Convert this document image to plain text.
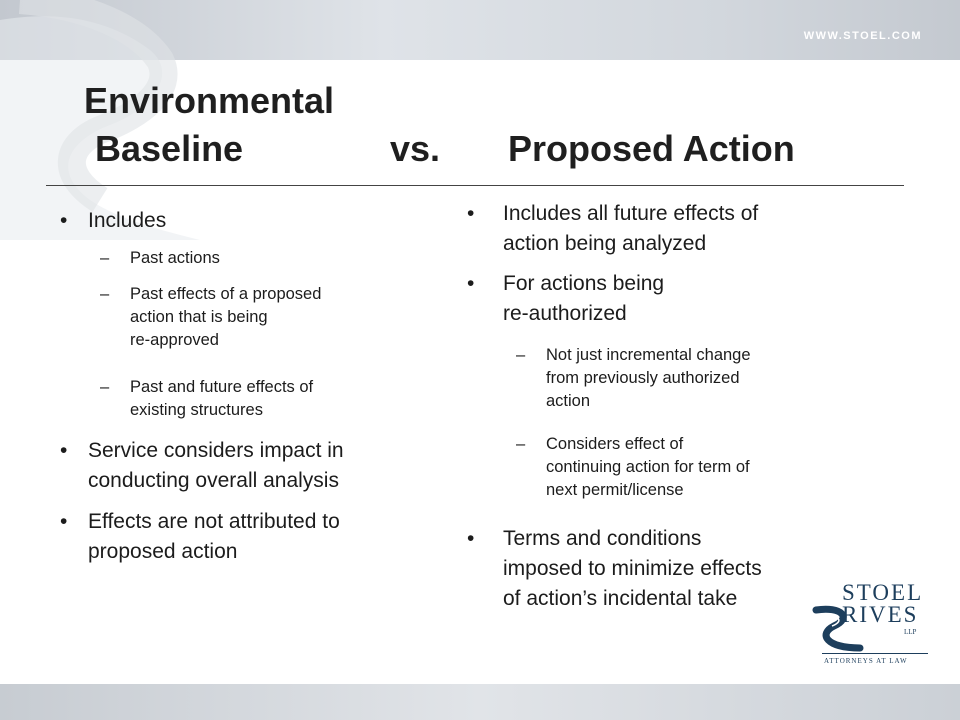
WWW.STOEL.COM
Environmental
Baseline	vs. Proposed Action
• Includes
– Past actions
– Past effects of a proposed
action that is being
re-approved
– Past and future effects of
existing structures
• Service considers impact in
conducting overall analysis
• Effects are not attributed to
proposed action
• Includes all future effects of
action being analyzed
• For actions being
re-authorized
– Not just incremental change
from previously authorized
action
– Considers effect of
continuing action for term of
next permit/license
• Terms and conditions
imposed to minimize effects
of action’s incidental take	STOEL
RIVES
LLP
ATTORNEYS AT LAW
